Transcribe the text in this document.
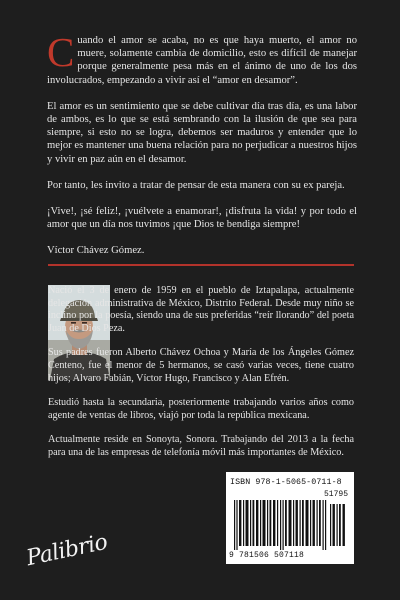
Cuando el amor se acaba, no es que haya muerto, el amor no muere, solamente cambia de domicilio, esto es difícil de manejar porque generalmente pesa más en el ánimo de uno de los dos involucrados, empezando a vivir así el “amor en desamor”.

El amor es un sentimiento que se debe cultivar día tras día, es una labor de ambos, es lo que se está sembrando con la ilusión de que sea para siempre, si esto no se logra, debemos ser maduros y entender que lo mejor es mantener una buena relación para no perjudicar a nuestros hijos y vivir en paz aún en el desamor.

Por tanto, les invito a tratar de pensar de esta manera con su ex pareja.

¡Vive!, ¡sé feliz!, ¡vuélvete a enamorar!, ¡disfruta la vida! y por todo el amor que un día nos tuvimos ¡que Dios te bendiga siempre!

Víctor Chávez Gómez.

Nació el 3 de enero de 1959 en el pueblo de Iztapalapa, actualmente delegación administrativa de México, Distrito Federal. Desde muy niño se inclino por la poesía, siendo una de sus preferidas “reír llorando” del poeta Juan de Dios Peza.

Sus padres fueron Alberto Chávez Ochoa y María de los Ángeles Gómez Centeno, fue el menor de 5 hermanos, se casó varias veces, tiene cuatro hijos; Alvaro Fabián, Víctor Hugo, Francisco y Alan Efrén.

Estudió hasta la secundaria, posteriormente trabajando varios años como agente de ventas de libros, viajó por toda la república mexicana.

Actualmente reside en Sonoyta, Sonora. Trabajando del 2013 a la fecha para una de las empresas de telefonía móvil más importantes de México.

ISBN 978-1-5065-0711-8
51795
9 781506 507118
Palibrio
